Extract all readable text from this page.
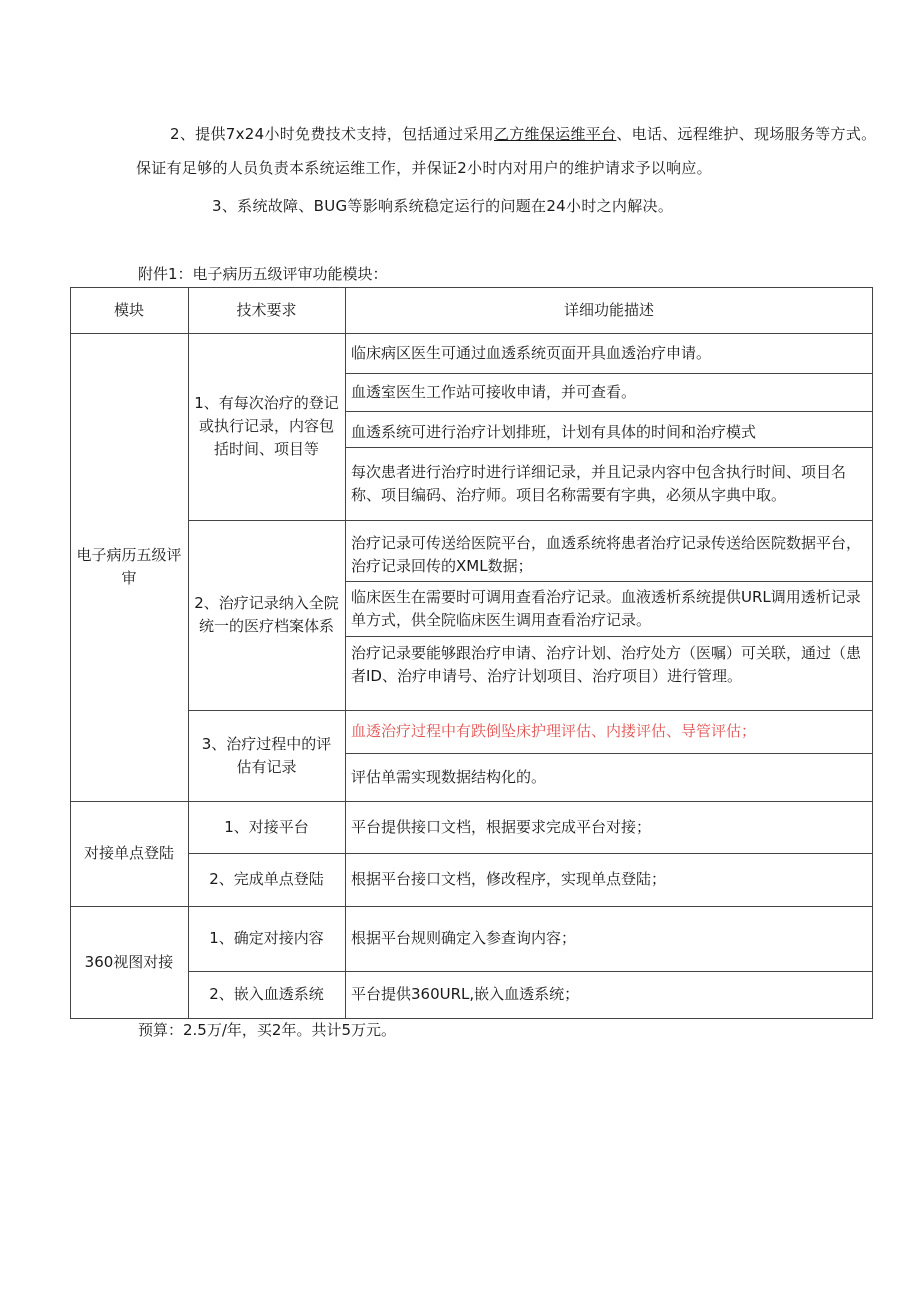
2、提供7x24小时免费技术支持，包括通过采用乙方维保运维平台、电话、远程维护、现场服务等方式。保证有足够的人员负责本系统运维工作，并保证2小时内对用户的维护请求予以响应。

3、系统故障、BUG等影响系统稳定运行的问题在24小时之内解决。

附件1：电子病历五级评审功能模块：
模块	技术要求	详细功能描述
电子病历五级评审
对接单点登陆
360视图对接
1、有每次治疗的登记或执行记录，内容包括时间、项目等
2、治疗记录纳入全院统一的医疗档案体系
3、治疗过程中的评估有记录
1、对接平台
2、完成单点登陆
1、确定对接内容
2、嵌入血透系统
临床病区医生可通过血透系统页面开具血透治疗申请。
血透室医生工作站可接收申请，并可查看。
血透系统可进行治疗计划排班，计划有具体的时间和治疗模式
每次患者进行治疗时进行详细记录，并且记录内容中包含执行时间、项目名称、项目编码、治疗师。项目名称需要有字典，必须从字典中取。
治疗记录可传送给医院平台，血透系统将患者治疗记录传送给医院数据平台，治疗记录回传的XML数据；
临床医生在需要时可调用查看治疗记录。血液透析系统提供URL调用透析记录单方式，供全院临床医生调用查看治疗记录。
治疗记录要能够跟治疗申请、治疗计划、治疗处方（医嘱）可关联，通过（患者ID、治疗申请号、治疗计划项目、治疗项目）进行管理。
血透治疗过程中有跌倒坠床护理评估、内搂评估、导管评估；
评估单需实现数据结构化的。
平台提供接口文档，根据要求完成平台对接；
根据平台接口文档，修改程序，实现单点登陆；
根据平台规则确定入参查询内容；
平台提供360URL,嵌入血透系统；
预算：2.5万/年，买2年。共计5万元。
